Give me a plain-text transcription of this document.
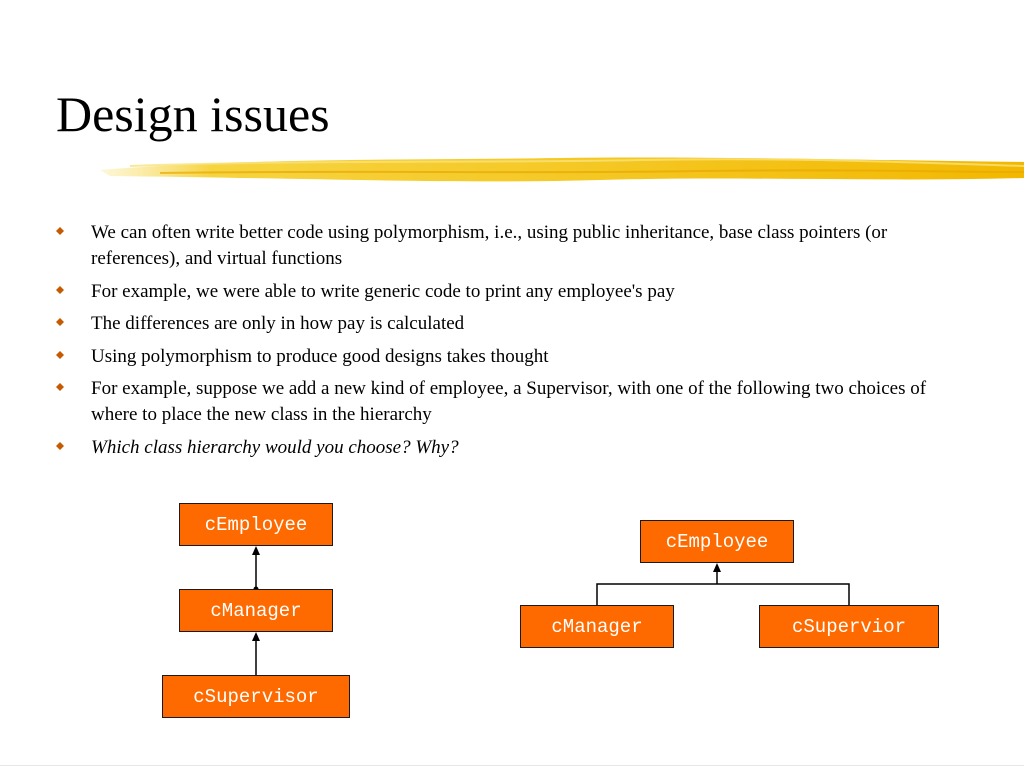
Design issues
We can often write better code using polymorphism, i.e., using public inheritance, base class pointers (or references), and virtual functions
For example, we were able to write generic code to print any employee's pay
The differences are only in how pay is calculated
Using polymorphism to produce good designs takes thought
For example, suppose we add a new kind of employee, a Supervisor, with one of the following two choices of where to place the new class in the hierarchy
Which class hierarchy would you choose? Why?
cEmployee
cManager
cSupervisor
cEmployee
cManager	cSupervior
